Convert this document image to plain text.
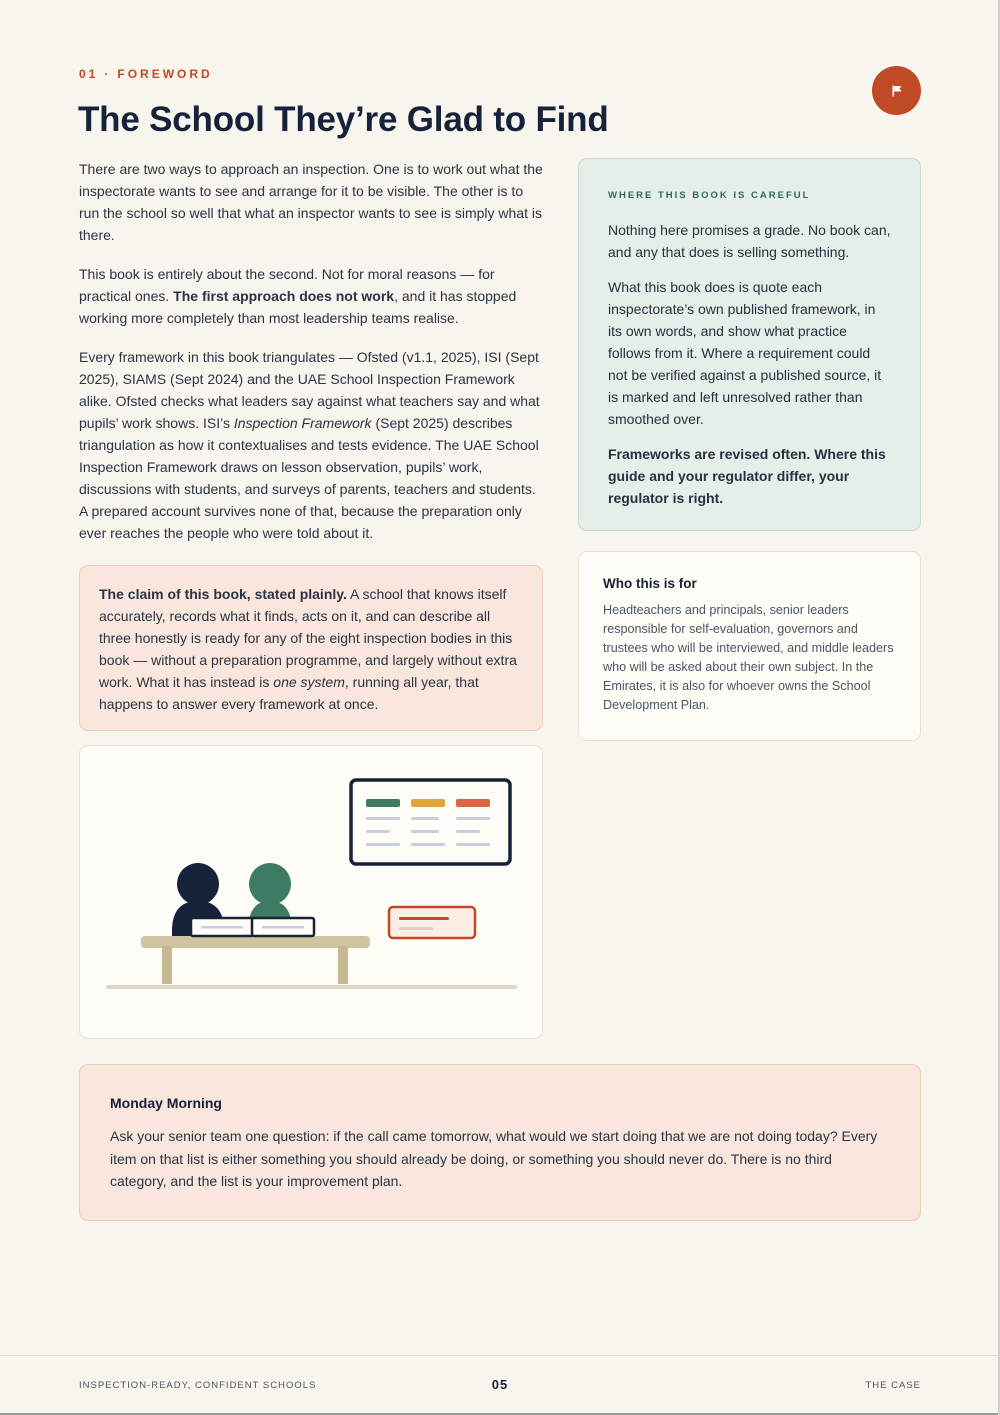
01 · FOREWORD
The School They’re Glad to Find

There are two ways to approach an inspection. One is to work out what the inspectorate wants to see and arrange for it to be visible. The other is to run the school so well that what an inspector wants to see is simply what is there.

This book is entirely about the second. Not for moral reasons — for practical ones. The first approach does not work, and it has stopped working more completely than most leadership teams realise.

Every framework in this book triangulates — Ofsted (v1.1, 2025), ISI (Sept 2025), SIAMS (Sept 2024) and the UAE School Inspection Framework alike. Ofsted checks what leaders say against what teachers say and what pupils’ work shows. ISI’s Inspection Framework (Sept 2025) describes triangulation as how it contextualises and tests evidence. The UAE School Inspection Framework draws on lesson observation, pupils’ work, discussions with students, and surveys of parents, teachers and students. A prepared account survives none of that, because the preparation only ever reaches the people who were told about it.

WHERE THIS BOOK IS CAREFUL

Nothing here promises a grade. No book can, and any that does is selling something.

What this book does is quote each inspectorate’s own published framework, in its own words, and show what practice follows from it. Where a requirement could not be verified against a published source, it is marked and left unresolved rather than smoothed over.

Frameworks are revised often. Where this guide and your regulator differ, your regulator is right.

The claim of this book, stated plainly. A school that knows itself accurately, records what it finds, acts on it, and can describe all three honestly is ready for any of the eight inspection bodies in this book — without a preparation programme, and largely without extra work. What it has instead is one system, running all year, that happens to answer every framework at once.
Who this is for
Headteachers and principals, senior leaders responsible for self-evaluation, governors and trustees who will be interviewed, and middle leaders who will be asked about their own subject. In the Emirates, it is also for whoever owns the School Development Plan.
Monday Morning
Ask your senior team one question: if the call came tomorrow, what would we start doing that we are not doing today? Every item on that list is either something you should already be doing, or something you should never do. There is no third category, and the list is your improvement plan.
INSPECTION-READY, CONFIDENT SCHOOLS	05	THE CASE
